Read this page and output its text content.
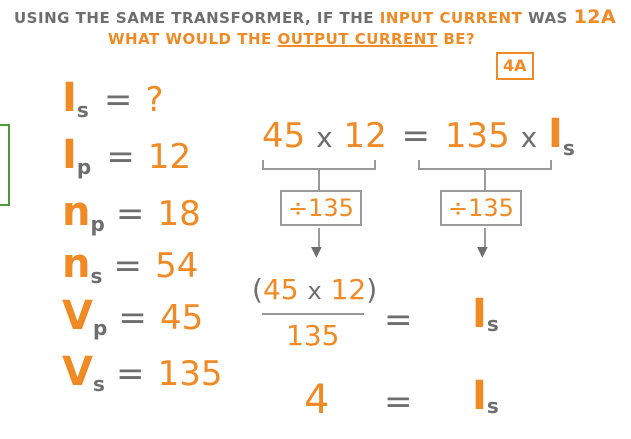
USING THE SAME TRANSFORMER, IF THE INPUT CURRENT WAS 12A
WHAT WOULD THE OUTPUT CURRENT BE?
4A
$I_s$ = ?
$I_p = 12$
$n_p = 18$
$n_s = 54$
$V_p = 45$
$V_s = 135$
45 x 12 = 135 x $I_s$
÷135	÷135
▼	▼
(45 x 12)
$135 = I_s$
$4 = I_s$
